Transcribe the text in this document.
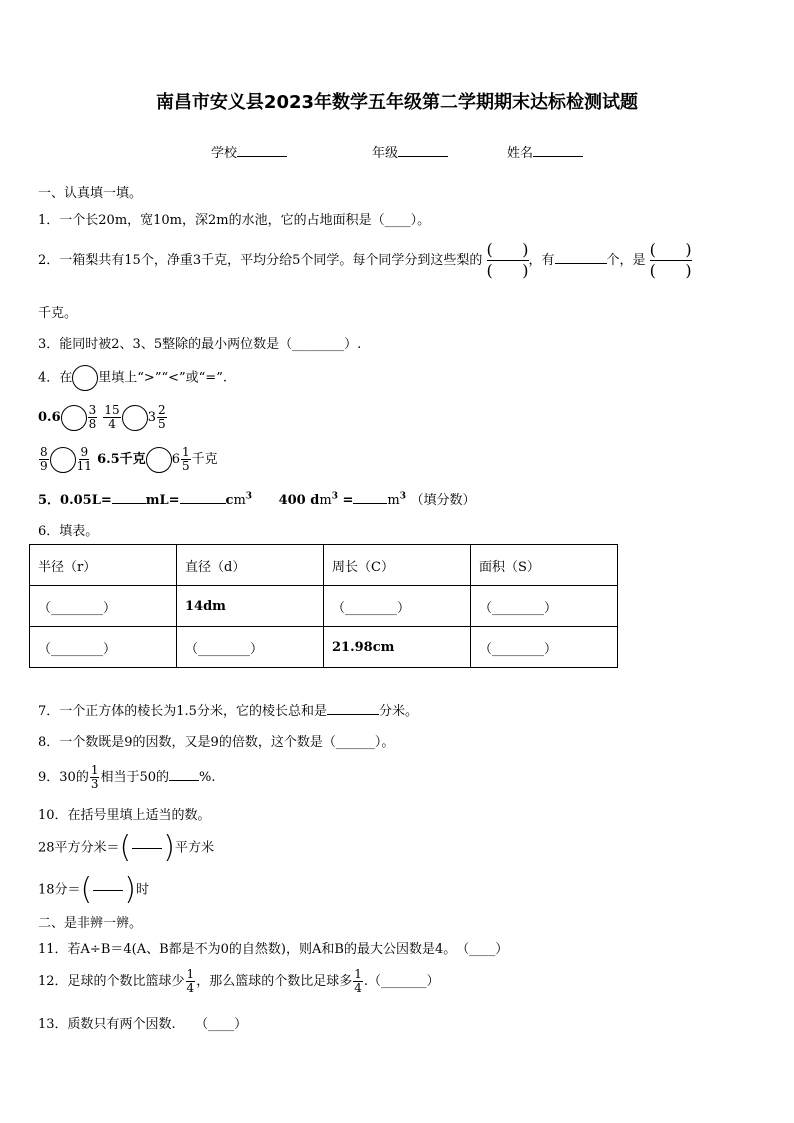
南昌市安义县2023年数学五年级第二学期期末达标检测试题
学校	年级	姓名
一、认真填一填。
1．一个长20m，宽10m，深2m的水池，它的占地面积是（____）。
2．一箱梨共有15个，净重3千克，平均分给5个同学。每个同学分到这些梨的
( )
( )
，有	个，是
( )
( )
千克。
3．能同时被2、3、5整除的最小两位数是（________）.
4．在 里填上“>”“<”或“=”.
$0.6 \frac{3}{8}$
$\frac{15}{4} 3 \frac{2}{5}$
$\frac{8}{9} \frac{9}{11} 6.5$千克 $6 \frac{1}{5}$ 千克
5．0.05L=	mL=	$cm^3$ 400 $dm^3$ =	$m^3$ （填分数）
6．填表。
半径（r）	直径（d）	周长（C）	面积（S）
（________）	14dm	（________）	（________）
（________）	（________）	21.98cm	（________）
7．一个正方体的棱长为1.5分米，它的棱长总和是	分米。
8．一个数既是9的因数，又是9的倍数，这个数是（______）。
9．30的 $\frac{1}{3}$ 相当于50的 %.
10．在括号里填上适当的数。
28平方分米＝ ( ) 平方米
18分＝ ( ) 时
二、是非辨一辨。
11．若A÷B＝4(A、B都是不为0的自然数)，则A和B的最大公因数是4。　（____）
12．足球的个数比篮球少 $\frac{1}{4}$ ，那么篮球的个数比足球多 $\frac{1}{4}$ .（_______）
13．质数只有两个因数.　　（____）
